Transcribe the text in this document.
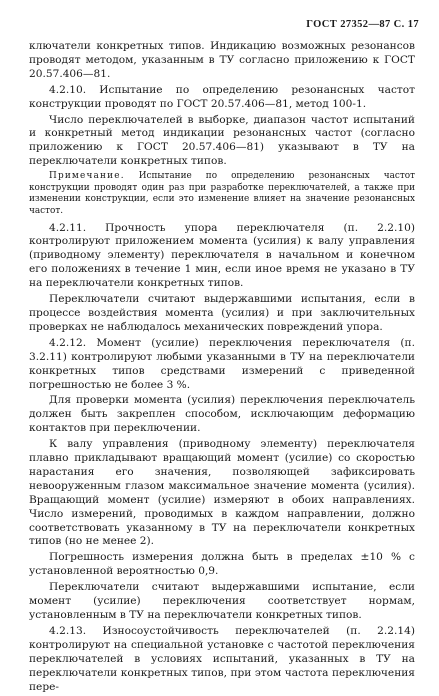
ГОСТ 27352—87 С. 17

ключатели конкретных типов. Индикацию возможных резонансов проводят методом, указанным в ТУ согласно приложению к ГОСТ 20.57.406—81.

4.2.10. Испытание по определению резонансных частот конструкции проводят по ГОСТ 20.57.406—81, метод 100-1.

Число переключателей в выборке, диапазон частот испытаний и конкретный метод индикации резонансных частот (согласно приложению к ГОСТ 20.57.406—81) указывают в ТУ на переключатели конкретных типов.

Примечание. Испытание по определению резонансных частот конструкции проводят один раз при разработке переключателей, а также при изменении конструкции, если это изменение влияет на значение резонансных частот.

4.2.11. Прочность упора переключателя (п. 2.2.10) контролируют приложением момента (усилия) к валу управления (приводному элементу) переключателя в начальном и конечном его положениях в течение 1 мин, если иное время не указано в ТУ на переключатели конкретных типов.

Переключатели считают выдержавшими испытания, если в процессе воздействия момента (усилия) и при заключительных проверках не наблюдалось механических повреждений упора.

4.2.12. Момент (усилие) переключения переключателя (п. 3.2.11) контролируют любыми указанными в ТУ на переключатели конкретных типов средствами измерений с приведенной погрешностью не более 3 %.

Для проверки момента (усилия) переключения переключатель должен быть закреплен способом, исключающим деформацию контактов при переключении.

К валу управления (приводному элементу) переключателя плавно прикладывают вращающий момент (усилие) со скоростью нарастания его значения, позволяющей зафиксировать невооруженным глазом максимальное значение момента (усилия). Вращающий момент (усилие) измеряют в обоих направлениях. Число измерений, проводимых в каждом направлении, должно соответствовать указанному в ТУ на переключатели конкретных типов (но не менее 2).

Погрешность измерения должна быть в пределах ±10 % с установленной вероятностью 0,9.

Переключатели считают выдержавшими испытание, если момент (усилие) переключения соответствует нормам, установленным в ТУ на переключатели конкретных типов.

4.2.13. Износоустойчивость переключателей (п. 2.2.14) контролируют на специальной установке с частотой переключения переключателей в условиях испытаний, указанных в ТУ на переключатели конкретных типов, при этом частота переключения пере-
